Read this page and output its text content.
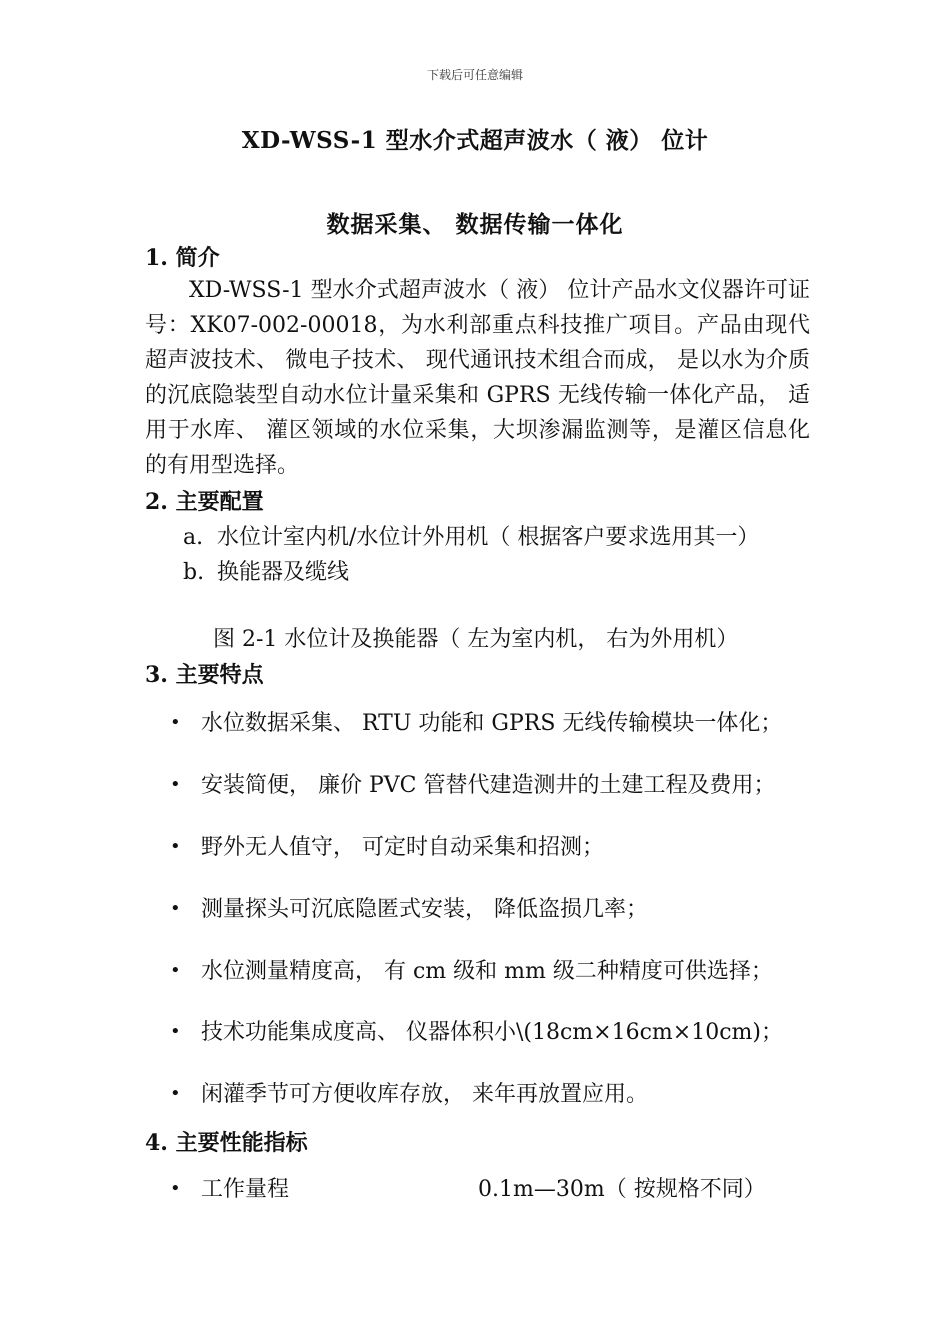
下载后可任意编辑
XD-WSS-1 型水介式超声波水（ 液） 位计
数据采集、 数据传输一体化
1. 简介

XD-WSS-1 型水介式超声波水（ 液） 位计产品水文仪器许可证号：XK07-002-00018，为水利部重点科技推广项目。产品由现代超声波技术、 微电子技术、 现代通讯技术组合而成， 是以水为介质的沉底隐装型自动水位计量采集和 GPRS 无线传输一体化产品， 适用于水库、 灌区领域的水位采集，大坝渗漏监测等，是灌区信息化的有用型选择。

2. 主要配置
a. 水位计室内机/水位计外用机（ 根据客户要求选用其一）
b. 换能器及缆线
图 2-1 水位计及换能器（ 左为室内机， 右为外用机）
3. 主要特点
• 水位数据采集、 RTU 功能和 GPRS 无线传输模块一体化；
• 安装简便， 廉价 PVC 管替代建造测井的土建工程及费用；
• 野外无人值守， 可定时自动采集和招测；
• 测量探头可沉底隐匿式安装， 降低盗损几率；
• 水位测量精度高， 有 cm 级和 mm 级二种精度可供选择；
• 技术功能集成度高、 仪器体积小\(18cm×16cm×10cm)；
• 闲灌季节可方便收库存放， 来年再放置应用。
4. 主要性能指标
• 工作量程	0.1m—30m（ 按规格不同）
